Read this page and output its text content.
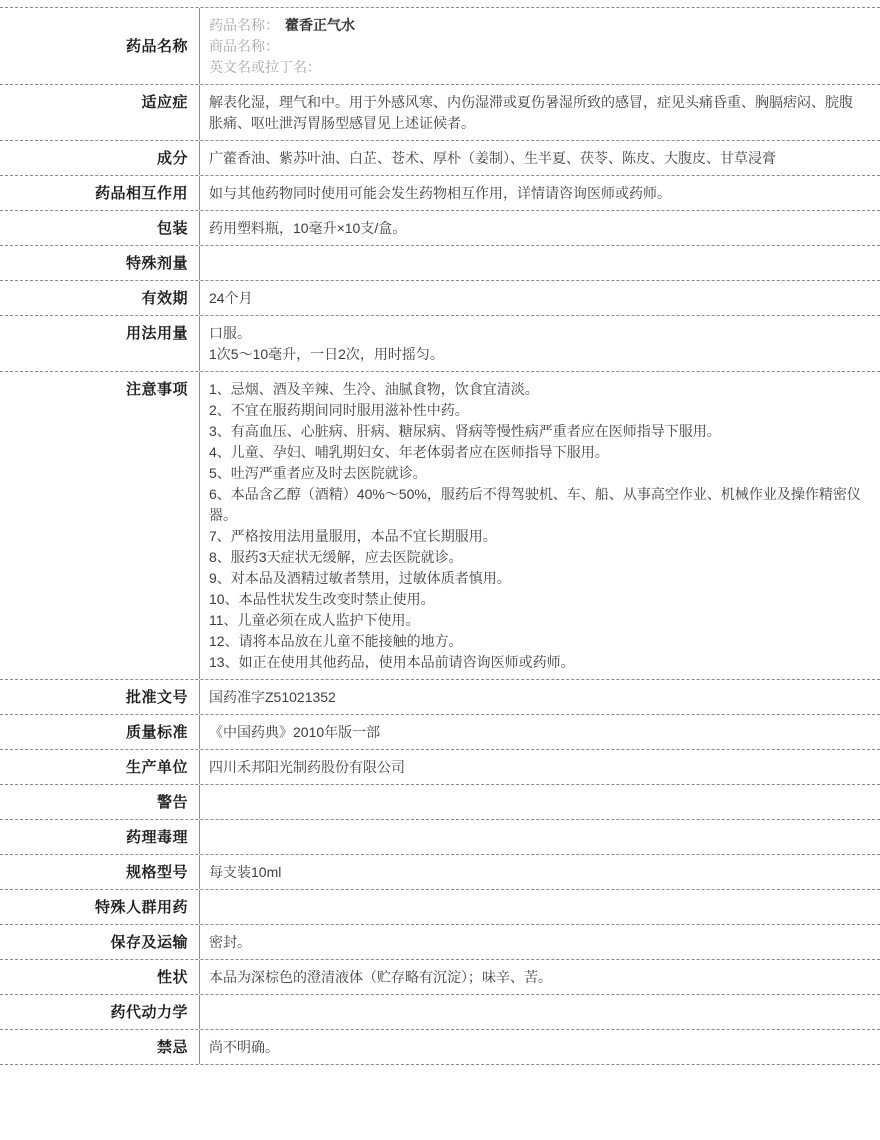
药品名称

药品名称： 藿香正气水

商品名称：

英文名或拉丁名：

适应症	解表化湿，理气和中。用于外感风寒、内伤湿滞或夏伤暑湿所致的感冒，症见头痛昏重、胸膈痞闷、脘腹胀痛、呕吐泄泻胃肠型感冒见上述证候者。

成分	广藿香油、紫苏叶油、白芷、苍术、厚朴（姜制）、生半夏、茯苓、陈皮、大腹皮、甘草浸膏

药品相互作用	如与其他药物同时使用可能会发生药物相互作用，详情请咨询医师或药师。

包装	药用塑料瓶，10毫升×10支/盒。

特殊剂量
有效期	24个月

用法用量	口服。

1次5～10毫升，一日2次，用时摇匀。

注意事项	1、忌烟、酒及辛辣、生冷、油腻食物，饮食宜清淡。

2、不宜在服药期间同时服用滋补性中药。

3、有高血压、心脏病、肝病、糖尿病、肾病等慢性病严重者应在医师指导下服用。

4、儿童、孕妇、哺乳期妇女、年老体弱者应在医师指导下服用。

5、吐泻严重者应及时去医院就诊。

6、本品含乙醇（酒精）40%～50%，服药后不得驾驶机、车、船、从事高空作业、机械作业及操作精密仪器。

7、严格按用法用量服用，本品不宜长期服用。

8、服药3天症状无缓解，应去医院就诊。

9、对本品及酒精过敏者禁用，过敏体质者慎用。

10、本品性状发生改变时禁止使用。

11、儿童必须在成人监护下使用。

12、请将本品放在儿童不能接触的地方。

13、如正在使用其他药品，使用本品前请咨询医师或药师。

批准文号	国药准字Z51021352

质量标准	《中国药典》2010年版一部

生产单位	四川禾邦阳光制药股份有限公司

警告
药理毒理
规格型号	每支装10ml

特殊人群用药
保存及运输	密封。

性状	本品为深棕色的澄清液体（贮存略有沉淀）；味辛、苦。

药代动力学
禁忌	尚不明确。
